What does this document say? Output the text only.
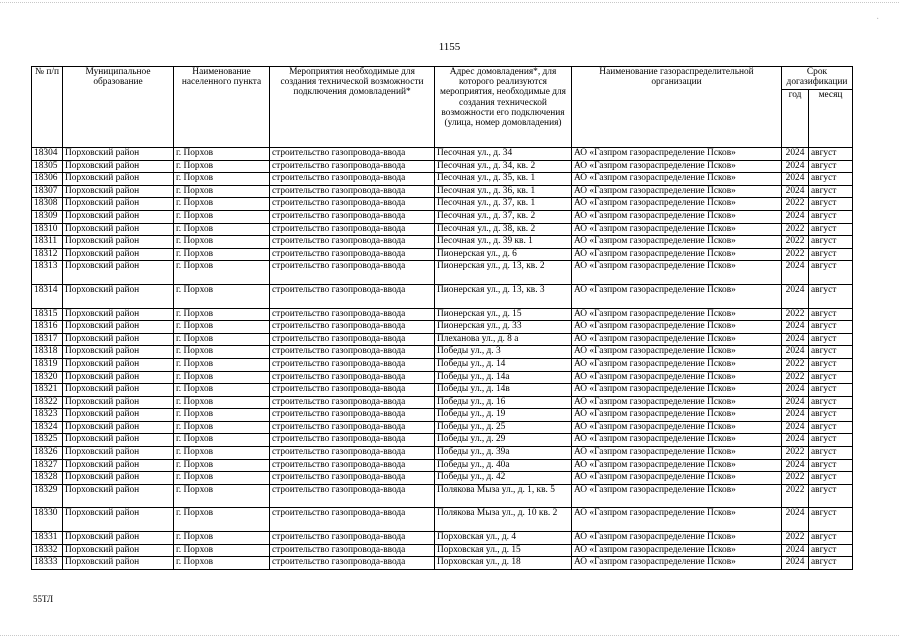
·
1155
№ п/п	Муниципальное образование	Наименование населенного пункта	Мероприятия необходимые для создания технической возможности подключения домовладений*	Адрес домовладения*, для которого реализуются мероприятия, необходимые для создания технической возможности его подключения (улица, номер домовладения)	Наименование газораспределительной организации	Срок догазификации	
						год	месяц
18304	Порховский район	г. Порхов	строительство газопровода-ввода	Песочная ул., д. 34	АО «Газпром газораспределение Псков»	2024	август
18305	Порховский район	г. Порхов	строительство газопровода-ввода	Песочная ул., д. 34, кв. 2	АО «Газпром газораспределение Псков»	2024	август
18306	Порховский район	г. Порхов	строительство газопровода-ввода	Песочная ул., д. 35, кв. 1	АО «Газпром газораспределение Псков»	2024	август
18307	Порховский район	г. Порхов	строительство газопровода-ввода	Песочная ул., д. 36, кв. 1	АО «Газпром газораспределение Псков»	2024	август
18308	Порховский район	г. Порхов	строительство газопровода-ввода	Песочная ул., д. 37, кв. 1	АО «Газпром газораспределение Псков»	2022	август
18309	Порховский район	г. Порхов	строительство газопровода-ввода	Песочная ул., д. 37, кв. 2	АО «Газпром газораспределение Псков»	2024	август
18310	Порховский район	г. Порхов	строительство газопровода-ввода	Песочная ул., д. 38, кв. 2	АО «Газпром газораспределение Псков»	2022	август
18311	Порховский район	г. Порхов	строительство газопровода-ввода	Песочная ул., д. 39 кв. 1	АО «Газпром газораспределение Псков»	2022	август
18312	Порховский район	г. Порхов	строительство газопровода-ввода	Пионерская ул., д. 6	АО «Газпром газораспределение Псков»	2022	август
18313	Порховский район	г. Порхов	строительство газопровода-ввода	Пионерская ул., д. 13, кв. 2	АО «Газпром газораспределение Псков»	2024	август
18314	Порховский район	г. Порхов	строительство газопровода-ввода	Пионерская ул., д. 13, кв. 3	АО «Газпром газораспределение Псков»	2024	август
18315	Порховский район	г. Порхов	строительство газопровода-ввода	Пионерская ул., д. 15	АО «Газпром газораспределение Псков»	2022	август
18316	Порховский район	г. Порхов	строительство газопровода-ввода	Пионерская ул., д. 33	АО «Газпром газораспределение Псков»	2024	август
18317	Порховский район	г. Порхов	строительство газопровода-ввода	Плеханова ул., д. 8 а	АО «Газпром газораспределение Псков»	2024	август
18318	Порховский район	г. Порхов	строительство газопровода-ввода	Победы ул., д. 3	АО «Газпром газораспределение Псков»	2024	август
18319	Порховский район	г. Порхов	строительство газопровода-ввода	Победы ул., д. 14	АО «Газпром газораспределение Псков»	2022	август
18320	Порховский район	г. Порхов	строительство газопровода-ввода	Победы ул., д. 14а	АО «Газпром газораспределение Псков»	2022	август
18321	Порховский район	г. Порхов	строительство газопровода-ввода	Победы ул., д. 14в	АО «Газпром газораспределение Псков»	2024	август
18322	Порховский район	г. Порхов	строительство газопровода-ввода	Победы ул., д. 16	АО «Газпром газораспределение Псков»	2024	август
18323	Порховский район	г. Порхов	строительство газопровода-ввода	Победы ул., д. 19	АО «Газпром газораспределение Псков»	2024	август
18324	Порховский район	г. Порхов	строительство газопровода-ввода	Победы ул., д. 25	АО «Газпром газораспределение Псков»	2024	август
18325	Порховский район	г. Порхов	строительство газопровода-ввода	Победы ул., д. 29	АО «Газпром газораспределение Псков»	2024	август
18326	Порховский район	г. Порхов	строительство газопровода-ввода	Победы ул., д. 39а	АО «Газпром газораспределение Псков»	2022	август
18327	Порховский район	г. Порхов	строительство газопровода-ввода	Победы ул., д. 40а	АО «Газпром газораспределение Псков»	2024	август
18328	Порховский район	г. Порхов	строительство газопровода-ввода	Победы ул., д. 42	АО «Газпром газораспределение Псков»	2022	август
18329	Порховский район	г. Порхов	строительство газопровода-ввода	Полякова Мыза ул., д. 1, кв. 5	АО «Газпром газораспределение Псков»	2022	август
18330	Порховский район	г. Порхов	строительство газопровода-ввода	Полякова Мыза ул., д. 10 кв. 2	АО «Газпром газораспределение Псков»	2024	август
18331	Порховский район	г. Порхов	строительство газопровода-ввода	Порховская ул., д. 4	АО «Газпром газораспределение Псков»	2022	август
18332	Порховский район	г. Порхов	строительство газопровода-ввода	Порховская ул., д. 15	АО «Газпром газораспределение Псков»	2024	август
18333	Порховский район	г. Порхов	строительство газопровода-ввода	Порховская ул., д. 18	АО «Газпром газораспределение Псков»	2024	август
55ТЛ
